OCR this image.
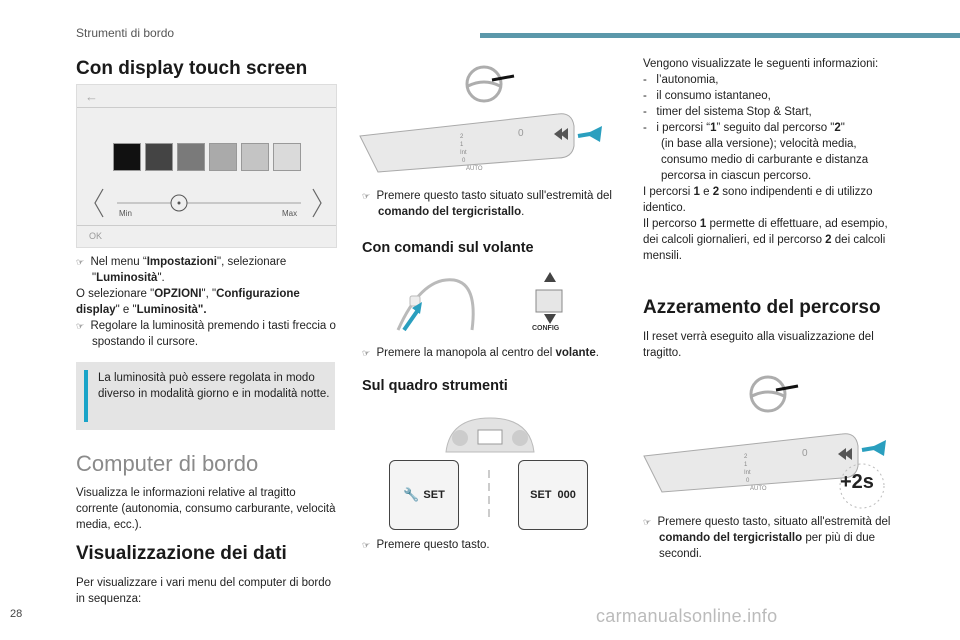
Strumenti di bordo
Con display touch screen
←
Min	Max
OK

☞ Nel menu “Impostazioni", selezionare "Luminosità".

O selezionare "OPZIONI", "Configurazione display" e "Luminosità".

☞ Regolare la luminosità premendo i tasti freccia o spostando il cursore.

La luminosità può essere regolata in modo diverso in modalità giorno e in modalità notte.
Computer di bordo
Visualizza le informazioni relative al tragitto corrente (autonomia, consumo carburante, velocità media, ecc.).
Visualizzazione dei dati
Per visualizzare i vari menu del computer di bordo in sequenza:
2
1
Int
0
AUTO
0

☞ Premere questo tasto situato sull'estremità del comando del tergicristallo.

Con comandi sul volante
CONFIG

☞ Premere la manopola al centro del volante.

Sul quadro strumenti
🔧 SET	SET 000

☞ Premere questo tasto.

Vengono visualizzate le seguenti informazioni:

-   l’autonomia,

-   il consumo istantaneo,

-   timer del sistema Stop & Start,

-   i percorsi “1” seguito dal percorso "2"

(in base alla versione); velocità media, consumo medio di carburante e distanza percorsa in ciascun percorso.

I percorsi 1 e 2 sono indipendenti e di utilizzo identico.

Il percorso 1 permette di effettuare, ad esempio, dei calcoli giornalieri, ed il percorso 2 dei calcoli mensili.

Azzeramento del percorso
Il reset verrà eseguito alla visualizzazione del tragitto.
2
1
Int
0
AUTO
0
+2s

☞ Premere questo tasto, situato all'estremità del comando del tergicristallo per più di due secondi.

28	carmanualsonline.info
